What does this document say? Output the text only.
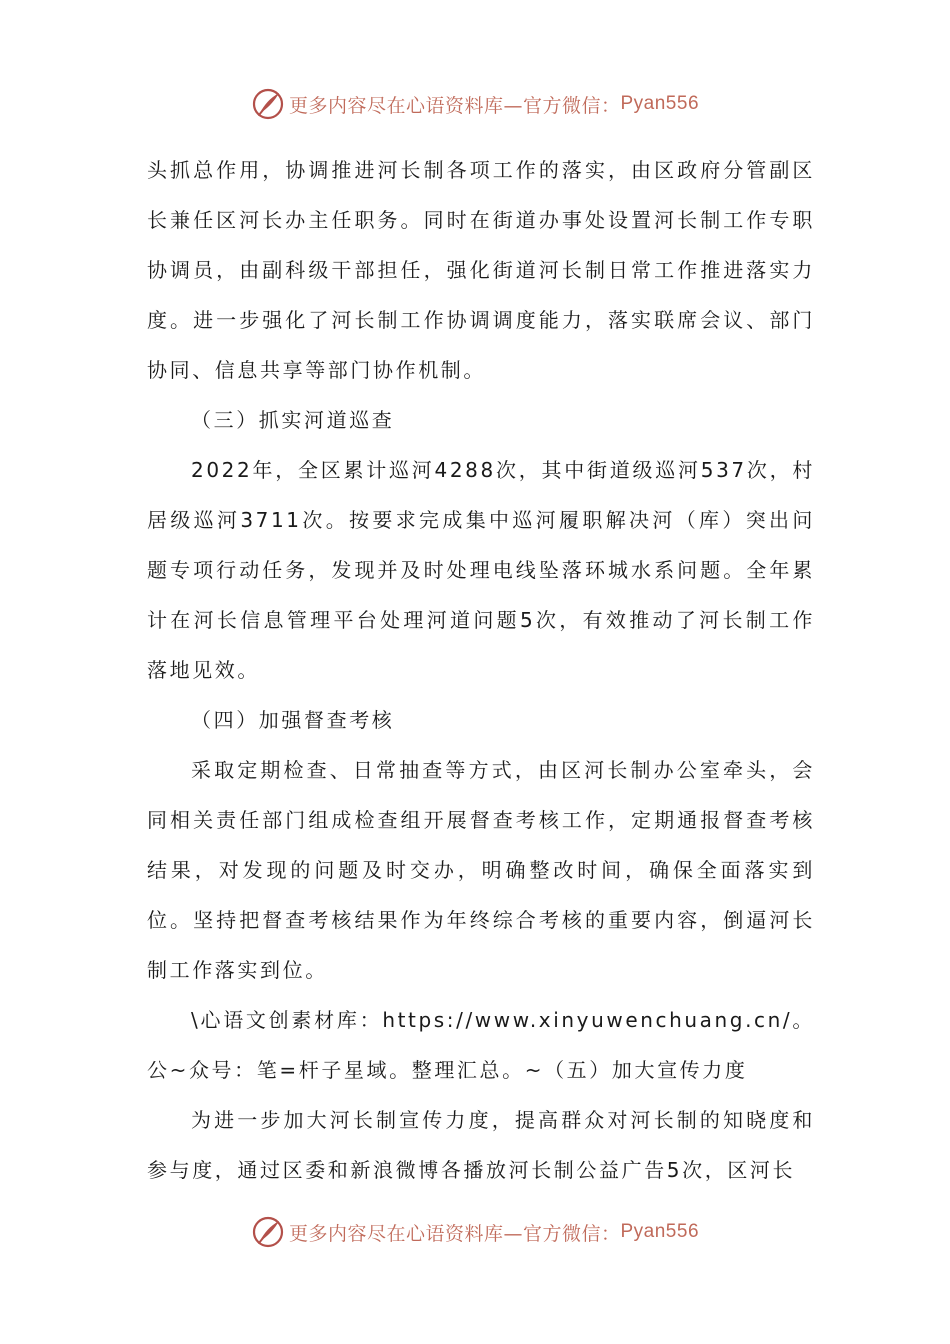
更多内容尽在心语资料库—官方微信： Pyan556

头抓总作用，协调推进河长制各项工作的落实，由区政府分管副区长兼任区河长办主任职务。同时在街道办事处设置河长制工作专职协调员，由副科级干部担任，强化街道河长制日常工作推进落实力度。进一步强化了河长制工作协调调度能力，落实联席会议、部门协同、信息共享等部门协作机制。

（三）抓实河道巡查

2022年，全区累计巡河4288次，其中街道级巡河537次，村居级巡河3711次。按要求完成集中巡河履职解决河（库）突出问题专项行动任务，发现并及时处理电线坠落环城水系问题。全年累计在河长信息管理平台处理河道问题5次，有效推动了河长制工作落地见效。

（四）加强督查考核

采取定期检查、日常抽查等方式，由区河长制办公室牵头，会同相关责任部门组成检查组开展督查考核工作，定期通报督查考核结果，对发现的问题及时交办，明确整改时间，确保全面落实到位。坚持把督查考核结果作为年终综合考核的重要内容，倒逼河长制工作落实到位。

\心语文创素材库：https://www.xinyuwenchuang.cn/。公~众号：笔=杆子星域。整理汇总。~（五）加大宣传力度

为进一步加大河长制宣传力度，提高群众对河长制的知晓度和参与度，通过区委和新浪微博各播放河长制公益广告5次，区河长

更多内容尽在心语资料库—官方微信： Pyan556
